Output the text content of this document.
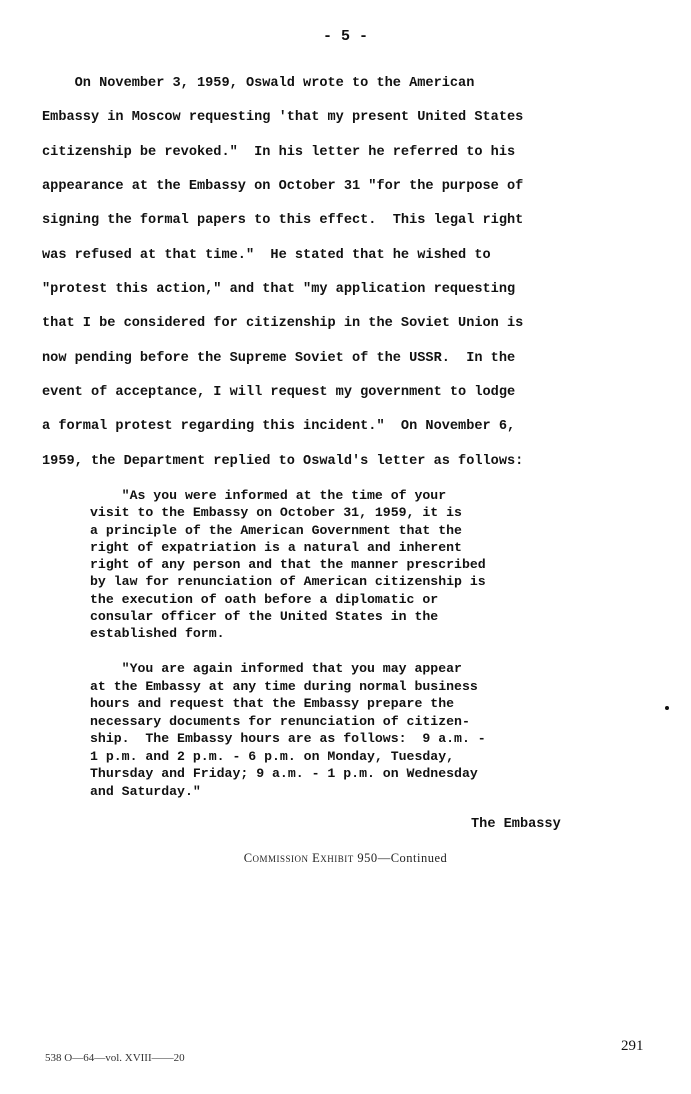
- 5 -
On November 3, 1959, Oswald wrote to the American
Embassy in Moscow requesting 'that my present United States
citizenship be revoked."  In his letter he referred to his
appearance at the Embassy on October 31 "for the purpose of
signing the formal papers to this effect.  This legal right
was refused at that time."  He stated that he wished to
"protest this action," and that "my application requesting
that I be considered for citizenship in the Soviet Union is
now pending before the Supreme Soviet of the USSR.  In the
event of acceptance, I will request my government to lodge
a formal protest regarding this incident."  On November 6,
1959, the Department replied to Oswald's letter as follows:
"As you were informed at the time of your
visit to the Embassy on October 31, 1959, it is
a principle of the American Government that the
right of expatriation is a natural and inherent
right of any person and that the manner prescribed
by law for renunciation of American citizenship is
the execution of oath before a diplomatic or
consular officer of the United States in the
established form.
"You are again informed that you may appear
at the Embassy at any time during normal business
hours and request that the Embassy prepare the
necessary documents for renunciation of citizen-
ship.  The Embassy hours are as follows:  9 a.m. -
1 p.m. and 2 p.m. - 6 p.m. on Monday, Tuesday,
Thursday and Friday; 9 a.m. - 1 p.m. on Wednesday
and Saturday."
The Embassy
Commission Exhibit 950—Continued
538 O—64—vol. XVIII——20
291
